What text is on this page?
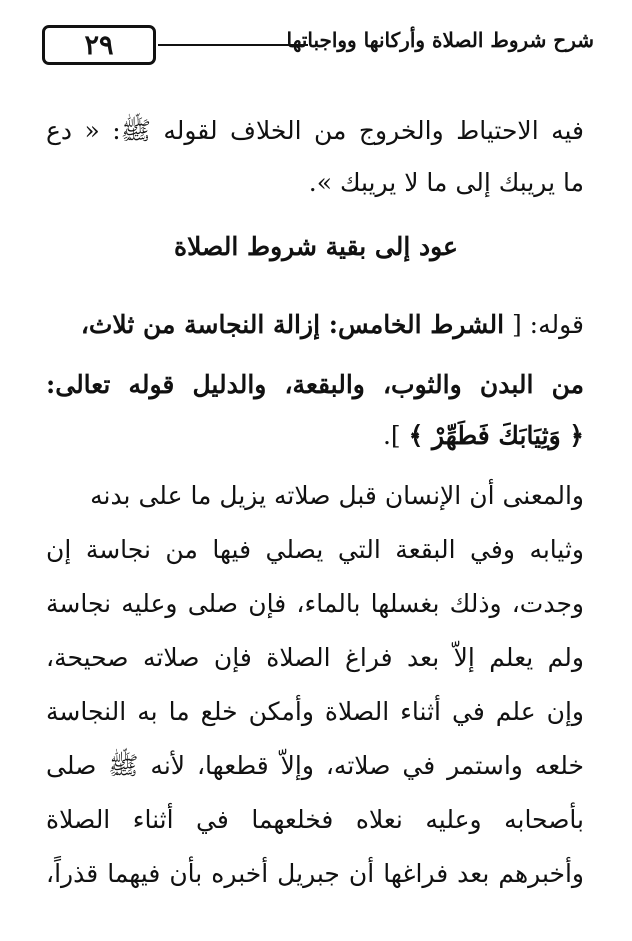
٢٩	شرح شروط الصلاة وأركانها وواجباتها
فيه الاحتياط والخروج من الخلاف لقوله ﷺ: « دع
ما يريبك إلى ما لا يريبك ».
عود إلى بقية شروط الصلاة
قوله: [ الشرط الخامس: إزالة النجاسة من ثلاث،
من البدن والثوب، والبقعة، والدليل قوله تعالى:
﴿ وَثِيَابَكَ فَطَهِّرْ ﴾ ].
والمعنى أن الإنسان قبل صلاته يزيل ما على بدنه
وثيابه وفي البقعة التي يصلي فيها من نجاسة إن
وجدت، وذلك بغسلها بالماء، فإن صلى وعليه نجاسة
ولم يعلم إلاّ بعد فراغ الصلاة فإن صلاته صحيحة،
وإن علم في أثناء الصلاة وأمكن خلع ما به النجاسة
خلعه واستمر في صلاته، وإلاّ قطعها، لأنه ﷺ صلى
بأصحابه وعليه نعلاه فخلعهما في أثناء الصلاة
وأخبرهم بعد فراغها أن جبريل أخبره بأن فيهما قذراً،
